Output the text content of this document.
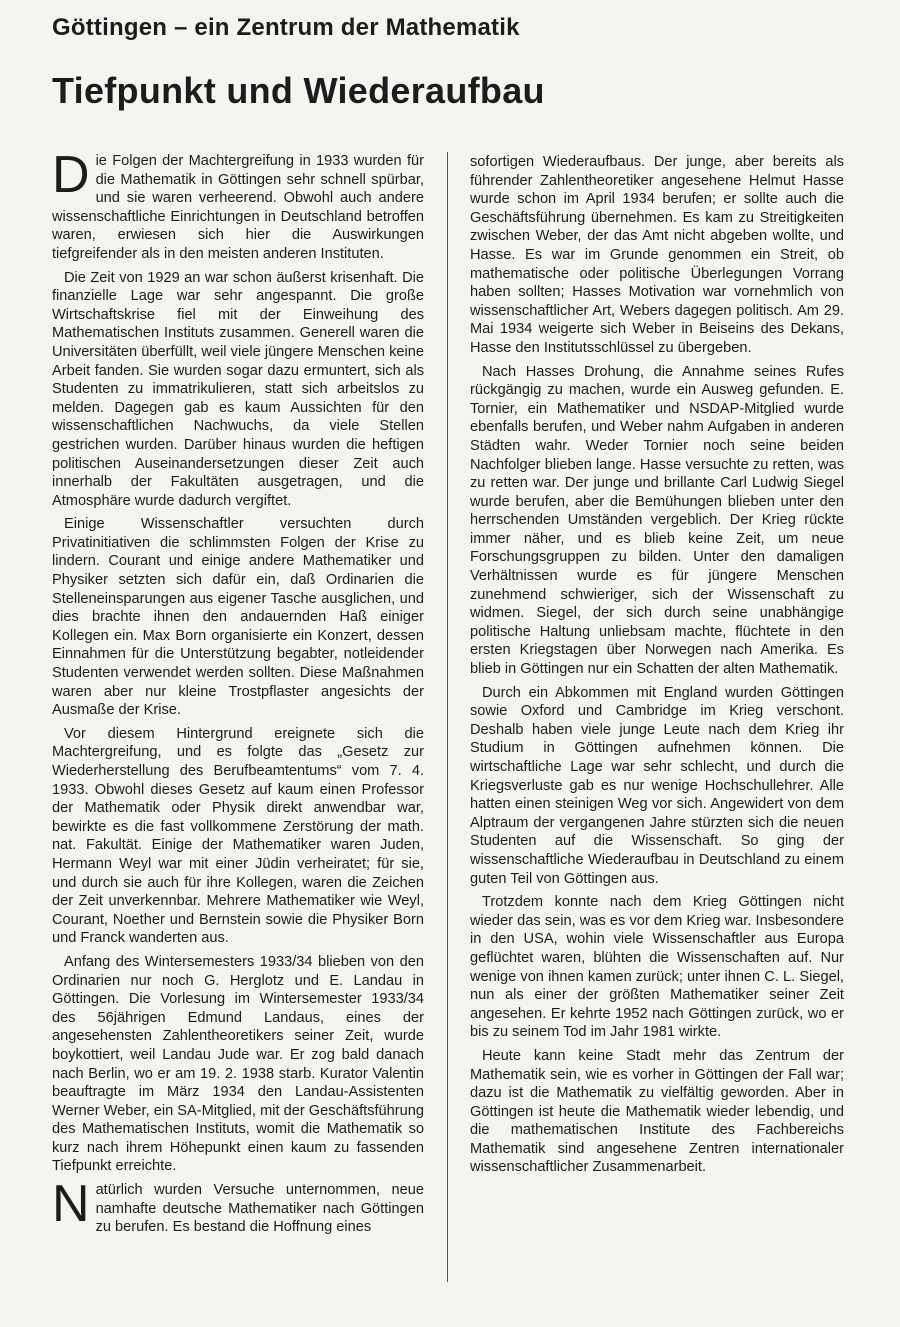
Göttingen – ein Zentrum der Mathematik
Tiefpunkt und Wiederaufbau

Die Folgen der Machtergreifung in 1933 wurden für die Mathematik in Göttingen sehr schnell spürbar, und sie waren verheerend. Obwohl auch andere wissenschaftliche Einrichtungen in Deutschland betroffen waren, erwiesen sich hier die Auswirkungen tiefgreifender als in den meisten anderen Instituten.

Die Zeit von 1929 an war schon äußerst krisenhaft. Die finanzielle Lage war sehr angespannt. Die große Wirtschaftskrise fiel mit der Einweihung des Mathematischen Instituts zusammen. Generell waren die Universitäten überfüllt, weil viele jüngere Menschen keine Arbeit fanden. Sie wurden sogar dazu ermuntert, sich als Studenten zu immatrikulieren, statt sich arbeitslos zu melden. Dagegen gab es kaum Aussichten für den wissenschaftlichen Nachwuchs, da viele Stellen gestrichen wurden. Darüber hinaus wurden die heftigen politischen Auseinandersetzungen dieser Zeit auch innerhalb der Fakultäten ausgetragen, und die Atmosphäre wurde dadurch vergiftet.

Einige Wissenschaftler versuchten durch Privatinitiativen die schlimmsten Folgen der Krise zu lindern. Courant und einige andere Mathematiker und Physiker setzten sich dafür ein, daß Ordinarien die Stelleneinsparungen aus eigener Tasche ausglichen, und dies brachte ihnen den andauernden Haß einiger Kollegen ein. Max Born organisierte ein Konzert, dessen Einnahmen für die Unterstützung begabter, notleidender Studenten verwendet werden sollten. Diese Maßnahmen waren aber nur kleine Trostpflaster angesichts der Ausmaße der Krise.

Vor diesem Hintergrund ereignete sich die Machtergreifung, und es folgte das „Gesetz zur Wiederherstellung des Berufbeamtentums“ vom 7. 4. 1933. Obwohl dieses Gesetz auf kaum einen Professor der Mathematik oder Physik direkt anwendbar war, bewirkte es die fast vollkommene Zerstörung der math. nat. Fakultät. Einige der Mathematiker waren Juden, Hermann Weyl war mit einer Jüdin verheiratet; für sie, und durch sie auch für ihre Kollegen, waren die Zeichen der Zeit unverkennbar. Mehrere Mathematiker wie Weyl, Courant, Noether und Bernstein sowie die Physiker Born und Franck wanderten aus.

Anfang des Wintersemesters 1933/34 blieben von den Ordinarien nur noch G. Herglotz und E. Landau in Göttingen. Die Vorlesung im Wintersemester 1933/34 des 56jährigen Edmund Landaus, eines der angesehensten Zahlentheoretikers seiner Zeit, wurde boykottiert, weil Landau Jude war. Er zog bald danach nach Berlin, wo er am 19. 2. 1938 starb. Kurator Valentin beauftragte im März 1934 den Landau-Assistenten Werner Weber, ein SA-Mitglied, mit der Geschäftsführung des Mathematischen Instituts, womit die Mathematik so kurz nach ihrem Höhepunkt einen kaum zu fassenden Tiefpunkt erreichte.

Natürlich wurden Versuche unternommen, neue namhafte deutsche Mathematiker nach Göttingen zu berufen. Es bestand die Hoffnung eines

sofortigen Wiederaufbaus. Der junge, aber bereits als führender Zahlentheoretiker angesehene Helmut Hasse wurde schon im April 1934 berufen; er sollte auch die Geschäftsführung übernehmen. Es kam zu Streitigkeiten zwischen Weber, der das Amt nicht abgeben wollte, und Hasse. Es war im Grunde genommen ein Streit, ob mathematische oder politische Überlegungen Vorrang haben sollten; Hasses Motivation war vornehmlich von wissenschaftlicher Art, Webers dagegen politisch. Am 29. Mai 1934 weigerte sich Weber in Beiseins des Dekans, Hasse den Institutsschlüssel zu übergeben.

Nach Hasses Drohung, die Annahme seines Rufes rückgängig zu machen, wurde ein Ausweg gefunden. E. Tornier, ein Mathematiker und NSDAP-Mitglied wurde ebenfalls berufen, und Weber nahm Aufgaben in anderen Städten wahr. Weder Tornier noch seine beiden Nachfolger blieben lange. Hasse versuchte zu retten, was zu retten war. Der junge und brillante Carl Ludwig Siegel wurde berufen, aber die Bemühungen blieben unter den herrschenden Umständen vergeblich. Der Krieg rückte immer näher, und es blieb keine Zeit, um neue Forschungsgruppen zu bilden. Unter den damaligen Verhältnissen wurde es für jüngere Menschen zunehmend schwieriger, sich der Wissenschaft zu widmen. Siegel, der sich durch seine unabhängige politische Haltung unliebsam machte, flüchtete in den ersten Kriegstagen über Norwegen nach Amerika. Es blieb in Göttingen nur ein Schatten der alten Mathematik.

Durch ein Abkommen mit England wurden Göttingen sowie Oxford und Cambridge im Krieg verschont. Deshalb haben viele junge Leute nach dem Krieg ihr Studium in Göttingen aufnehmen können. Die wirtschaftliche Lage war sehr schlecht, und durch die Kriegsverluste gab es nur wenige Hochschullehrer. Alle hatten einen steinigen Weg vor sich. Angewidert von dem Alptraum der vergangenen Jahre stürzten sich die neuen Studenten auf die Wissenschaft. So ging der wissenschaftliche Wiederaufbau in Deutschland zu einem guten Teil von Göttingen aus.

Trotzdem konnte nach dem Krieg Göttingen nicht wieder das sein, was es vor dem Krieg war. Insbesondere in den USA, wohin viele Wissenschaftler aus Europa geflüchtet waren, blühten die Wissenschaften auf. Nur wenige von ihnen kamen zurück; unter ihnen C. L. Siegel, nun als einer der größten Mathematiker seiner Zeit angesehen. Er kehrte 1952 nach Göttingen zurück, wo er bis zu seinem Tod im Jahr 1981 wirkte.

Heute kann keine Stadt mehr das Zentrum der Mathematik sein, wie es vorher in Göttingen der Fall war; dazu ist die Mathematik zu vielfältig geworden. Aber in Göttingen ist heute die Mathematik wieder lebendig, und die mathematischen Institute des Fachbereichs Mathematik sind angesehene Zentren internationaler wissenschaftlicher Zusammenarbeit.
